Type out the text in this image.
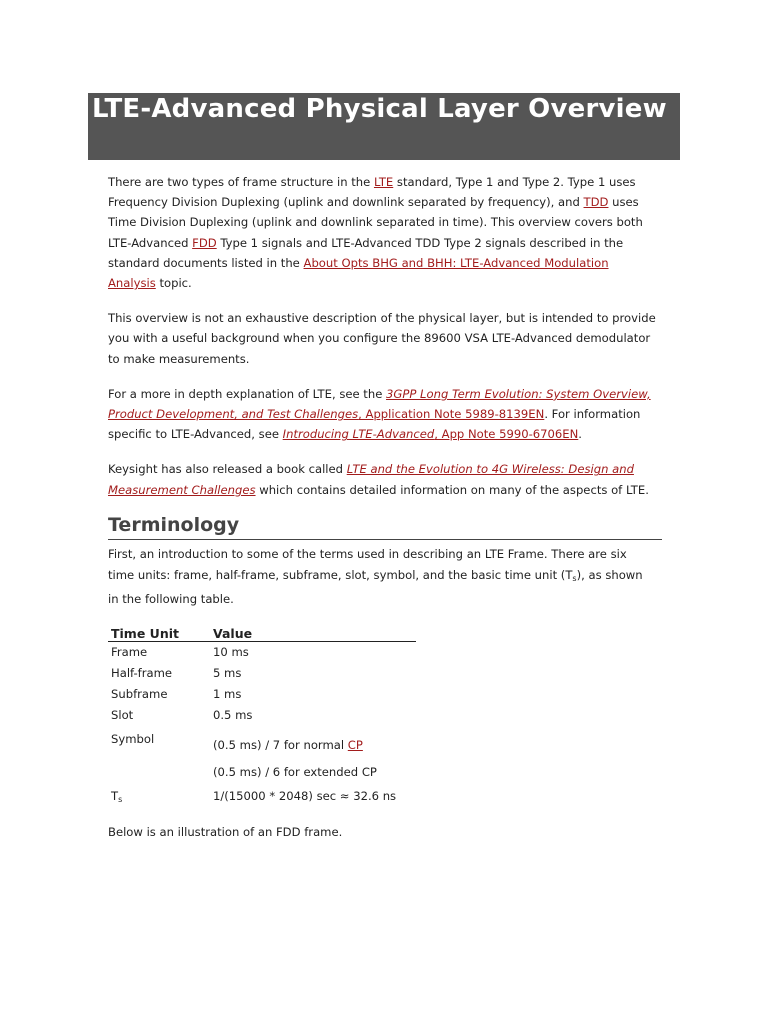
LTE-Advanced Physical Layer Overview

There are two types of frame structure in the LTE standard, Type 1 and Type 2. Type 1 uses Frequency Division Duplexing (uplink and downlink separated by frequency), and TDD uses Time Division Duplexing (uplink and downlink separated in time). This overview covers both LTE-Advanced FDD Type 1 signals and LTE-Advanced TDD Type 2 signals described in the standard documents listed in the About Opts BHG and BHH: LTE-Advanced Modulation Analysis topic.

This overview is not an exhaustive description of the physical layer, but is intended to provide you with a useful background when you configure the 89600 VSA LTE-Advanced demodulator to make measurements.

For a more in depth explanation of LTE, see the 3GPP Long Term Evolution: System Overview, Product Development, and Test Challenges, Application Note 5989-8139EN. For information specific to LTE-Advanced, see Introducing LTE-Advanced, App Note 5990-6706EN.

Keysight has also released a book called LTE and the Evolution to 4G Wireless: Design and Measurement Challenges which contains detailed information on many of the aspects of LTE.

Terminology
First, an introduction to some of the terms used in describing an LTE Frame. There are six time units: frame, half-frame, subframe, slot, symbol, and the basic time unit $(T_s)$, as shown in the following table.
Time Unit	Value
Frame	10 ms
Half-frame	5 ms
Subframe	1 ms
Slot	0.5 ms
Symbol	(0.5 ms) / 7 for normal CP
	(0.5 ms) / 6 for extended CP
$T_s$	1/(15000 * 2048) sec ≈ 32.6 ns
Below is an illustration of an FDD frame.
